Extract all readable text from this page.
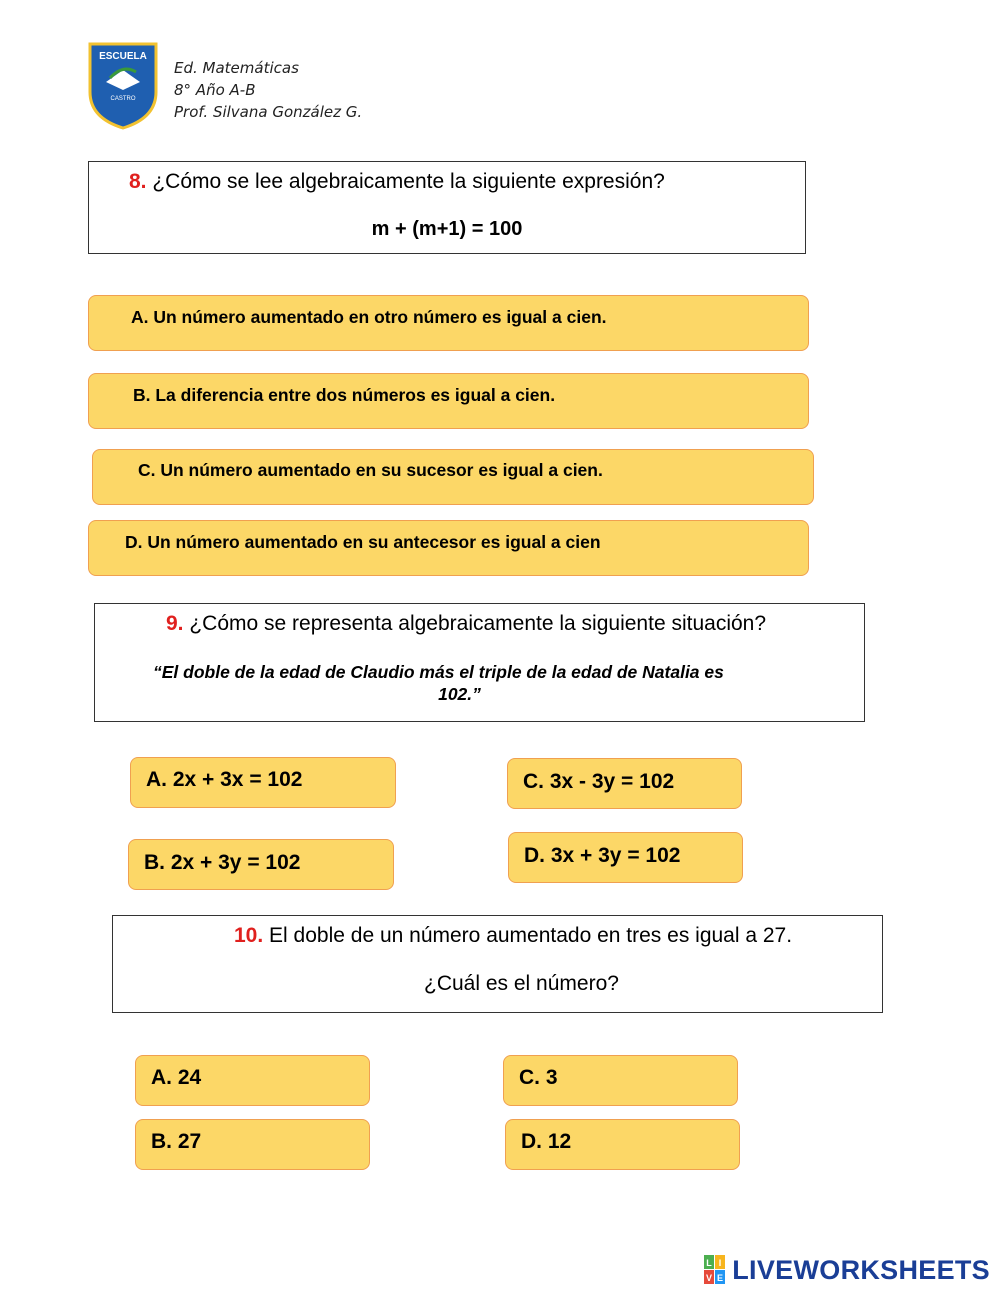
ESCUELA
CASTRO
Ed. Matemáticas
8° Año A-B
Prof. Silvana González G.
8. ¿Cómo se lee algebraicamente la siguiente expresión?
m + (m+1) = 100
A. Un número aumentado en otro número es igual a cien.
B. La diferencia entre dos números es igual a cien.
C. Un número aumentado en su sucesor es igual a cien.
D. Un número aumentado en su antecesor es igual a cien
9. ¿Cómo se representa algebraicamente la siguiente situación?
“El doble de la edad de Claudio más el triple de la edad de Natalia es
102.”
A. 2x + 3x = 102
B. 2x + 3y = 102
C. 3x - 3y = 102
D. 3x + 3y = 102
10. El doble de un número aumentado en tres es igual a 27.
¿Cuál es el número?
A. 24
B. 27
C. 3
D. 12
L I
V E LIVEWORKSHEETS
